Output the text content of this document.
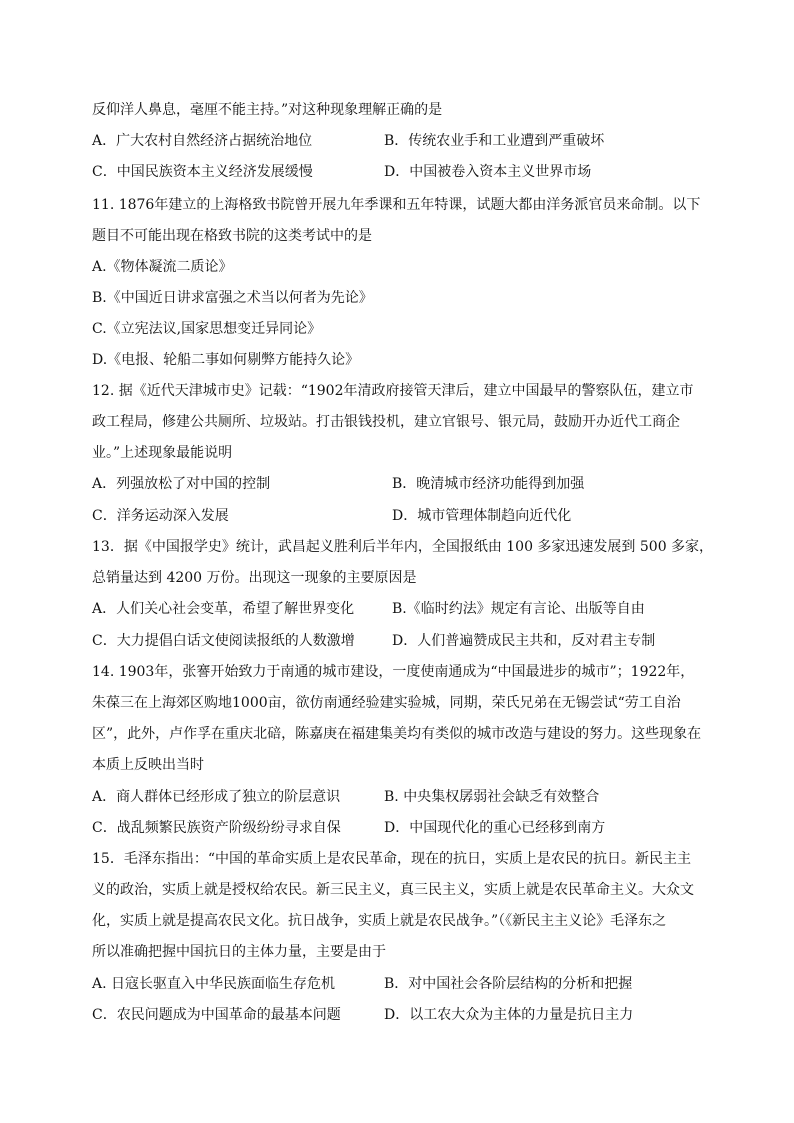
反仰洋人鼻息，毫厘不能主持。”对这种现象理解正确的是
A．广大农村自然经济占据统治地位	B．传统农业手和工业遭到严重破坏
C．中国民族资本主义经济发展缓慢	D．中国被卷入资本主义世界市场
11. 1876年建立的上海格致书院曾开展九年季课和五年特课，试题大都由洋务派官员来命制。以下
题目不可能出现在格致书院的这类考试中的是
A.《物体凝流二质论》
B.《中国近日讲求富强之术当以何者为先论》
C.《立宪法议,国家思想变迁异同论》
D.《电报、轮船二事如何剔弊方能持久论》
12. 据《近代天津城市史》记载：“1902年清政府接管天津后，建立中国最早的警察队伍，建立市
政工程局，修建公共厕所、垃圾站。打击银钱投机，建立官银号、银元局，鼓励开办近代工商企
业。”上述现象最能说明
A．列强放松了对中国的控制	B．晚清城市经济功能得到加强
C．洋务运动深入发展	D．城市管理体制趋向近代化
13．据《中国报学史》统计，武昌起义胜利后半年内，全国报纸由 100 多家迅速发展到 500 多家，
总销量达到 4200 万份。出现这一现象的主要原因是
A．人们关心社会变革，希望了解世界变化	B.《临时约法》规定有言论、出版等自由
C．大力提倡白话文使阅读报纸的人数激增	D．人们普遍赞成民主共和，反对君主专制
14. 1903年，张謇开始致力于南通的城市建设，一度使南通成为“中国最进步的城市”；1922年，
朱葆三在上海郊区购地1000亩，欲仿南通经验建实验城，同期，荣氏兄弟在无锡尝试“劳工自治
区”，此外，卢作孚在重庆北碚，陈嘉庚在福建集美均有类似的城市改造与建设的努力。这些现象在
本质上反映出当时
A．商人群体已经形成了独立的阶层意识	B. 中央集权孱弱社会缺乏有效整合
C．战乱频繁民族资产阶级纷纷寻求自保	D．中国现代化的重心已经移到南方
15．毛泽东指出：“中国的革命实质上是农民革命，现在的抗日，实质上是农民的抗日。新民主主
义的政治，实质上就是授权给农民。新三民主义，真三民主义，实质上就是农民革命主义。大众文
化，实质上就是提高农民文化。抗日战争，实质上就是农民战争。”（《新民主主义论》毛泽东之
所以准确把握中国抗日的主体力量，主要是由于
A. 日寇长驱直入中华民族面临生存危机	B．对中国社会各阶层结构的分析和把握
C．农民问题成为中国革命的最基本问题	D．以工农大众为主体的力量是抗日主力
